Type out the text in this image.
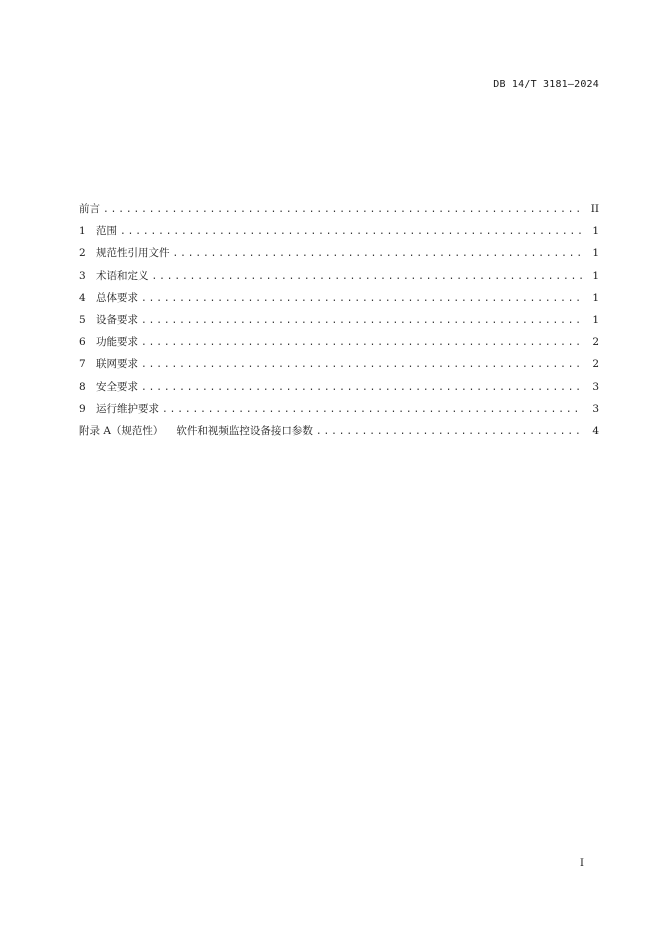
DB 14/T 3181—2024
前言 .....	II
1 范围 .....	1
2 规范性引用文件 .....	1
3 术语和定义 .....	1
4 总体要求 .....	1
5 设备要求 .....	1
6 功能要求 .....	2
7 联网要求 .....	2
8 安全要求 .....	3
9 运行维护要求 .....	3
附录 A（规范性） 软件和视频监控设备接口参数 .....	4
I
